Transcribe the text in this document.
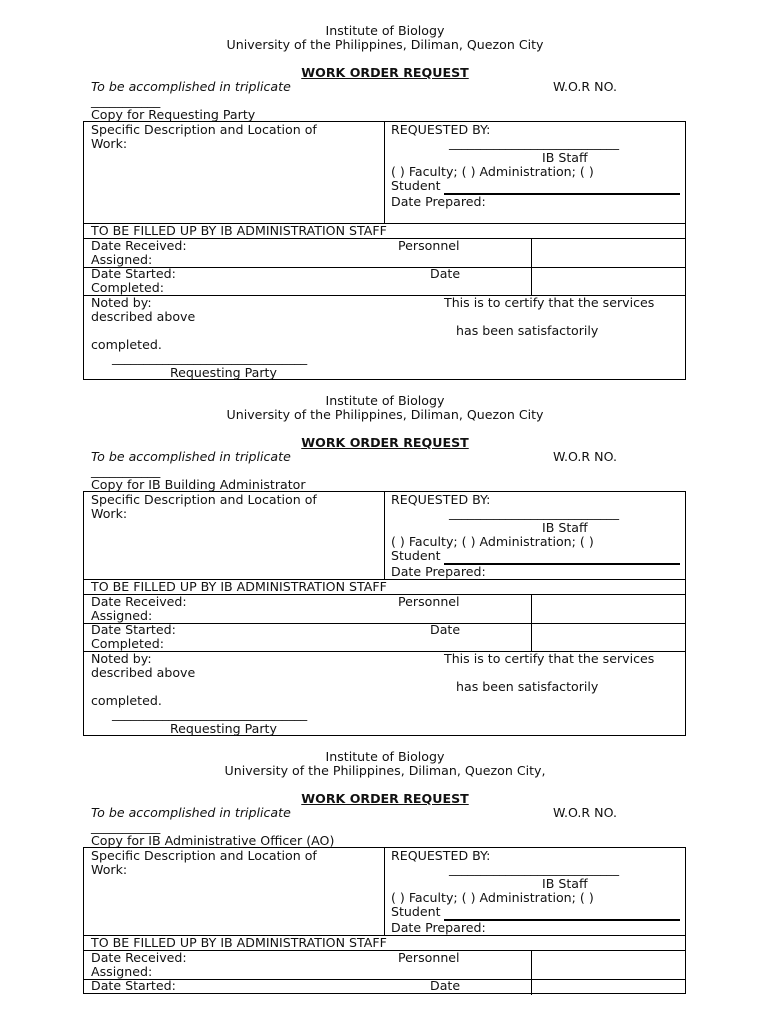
Institute of Biology
University of the Philippines, Diliman, Quezon City
WORK ORDER REQUEST
To be accomplished in triplicate	W.O.R NO.
___________
Copy for Requesting Party
Specific Description and Location of
Work:
REQUESTED BY:
___________________________
IB Staff
( ) Faculty; ( ) Administration; ( )
Student
Date Prepared:
TO BE FILLED UP BY IB ADMINISTRATION STAFF
Date Received:	Personnel
Assigned:
Date Started:	Date
Completed:
Noted by:	This is to certify that the services
described above
has been satisfactorily
completed.
_______________________________
Requesting Party
Institute of Biology
University of the Philippines, Diliman, Quezon City
WORK ORDER REQUEST
To be accomplished in triplicate	W.O.R NO.
___________
Copy for IB Building Administrator
Specific Description and Location of
Work:
REQUESTED BY:
___________________________
IB Staff
( ) Faculty; ( ) Administration; ( )
Student
Date Prepared:
TO BE FILLED UP BY IB ADMINISTRATION STAFF
Date Received:	Personnel
Assigned:
Date Started:	Date
Completed:
Noted by:	This is to certify that the services
described above
has been satisfactorily
completed.
_______________________________
Requesting Party
Institute of Biology
University of the Philippines, Diliman, Quezon City,
WORK ORDER REQUEST
To be accomplished in triplicate	W.O.R NO.
___________
Copy for IB Administrative Officer (AO)
Specific Description and Location of
Work:
REQUESTED BY:
___________________________
IB Staff
( ) Faculty; ( ) Administration; ( )
Student
Date Prepared:
TO BE FILLED UP BY IB ADMINISTRATION STAFF
Date Received:	Personnel
Assigned:
Date Started:	Date
